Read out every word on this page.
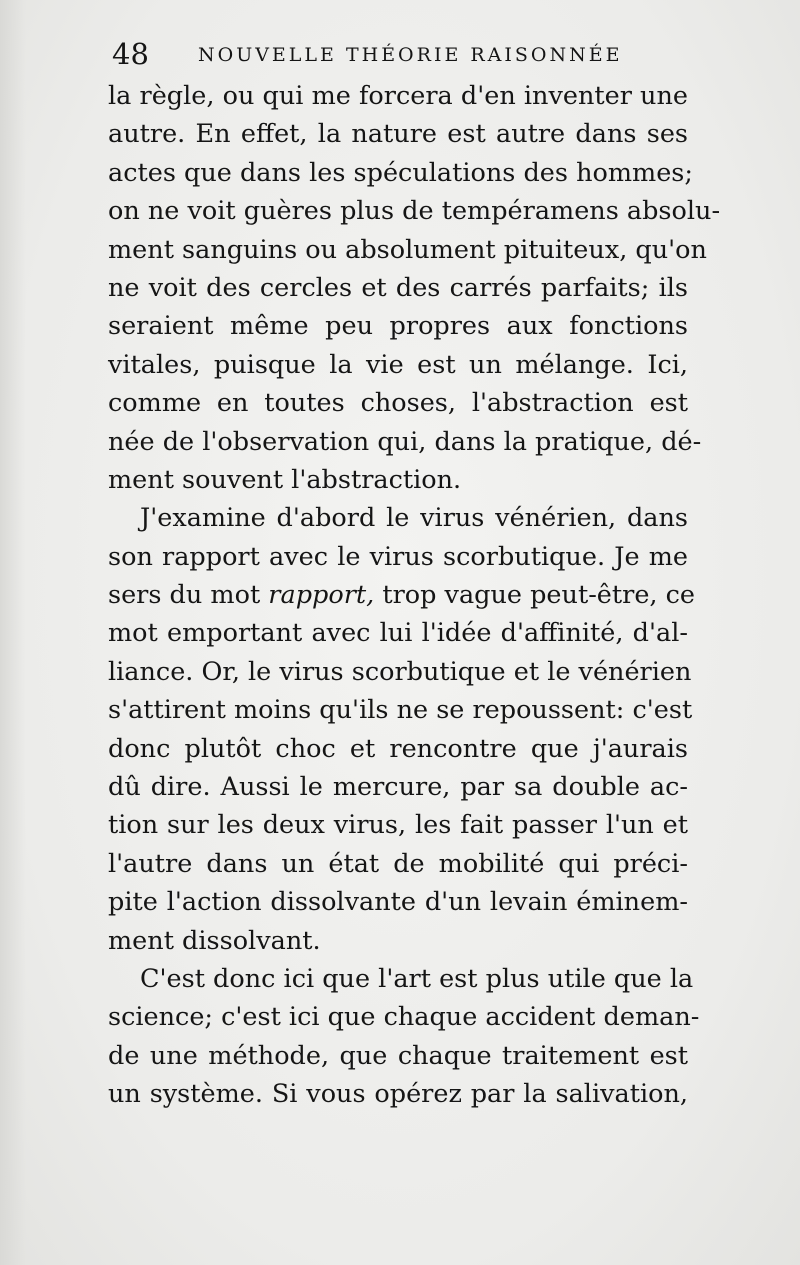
48	NOUVELLE THÉORIE RAISONNÉE
la règle, ou qui me forcera d'en inventer une
autre. En effet, la nature est autre dans ses
actes que dans les spéculations des hommes;
on ne voit guères plus de tempéramens absolu-
ment sanguins ou absolument pituiteux, qu'on
ne voit des cercles et des carrés parfaits; ils
seraient même peu propres aux fonctions
vitales, puisque la vie est un mélange. Ici,
comme en toutes choses, l'abstraction est
née de l'observation qui, dans la pratique, dé-
ment souvent l'abstraction.
J'examine d'abord le virus vénérien, dans
son rapport avec le virus scorbutique. Je me
sers du mot rapport, trop vague peut-être, ce
mot emportant avec lui l'idée d'affinité, d'al-
liance. Or, le virus scorbutique et le vénérien
s'attirent moins qu'ils ne se repoussent: c'est
donc plutôt choc et rencontre que j'aurais
dû dire. Aussi le mercure, par sa double ac-
tion sur les deux virus, les fait passer l'un et
l'autre dans un état de mobilité qui préci-
pite l'action dissolvante d'un levain éminem-
ment dissolvant.
C'est donc ici que l'art est plus utile que la
science; c'est ici que chaque accident deman-
de une méthode, que chaque traitement est
un système. Si vous opérez par la salivation,
